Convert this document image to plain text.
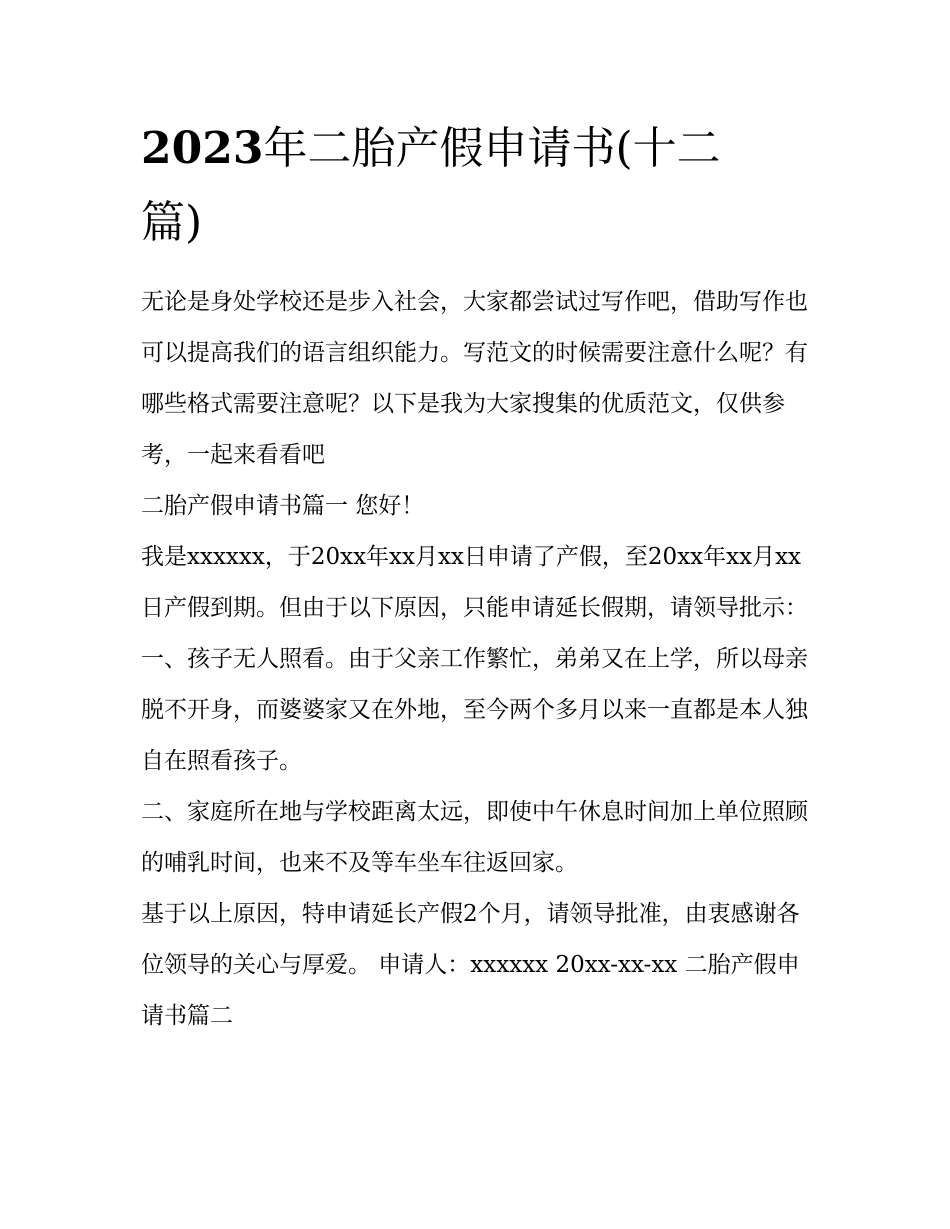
2023年二胎产假申请书(十二篇)

无论是身处学校还是步入社会，大家都尝试过写作吧，借助写作也可以提高我们的语言组织能力。写范文的时候需要注意什么呢？有哪些格式需要注意呢？以下是我为大家搜集的优质范文，仅供参考，一起来看看吧

二胎产假申请书篇一 您好！

我是xxxxxx，于20xx年xx月xx日申请了产假，至20xx年xx月xx日产假到期。但由于以下原因，只能申请延长假期，请领导批示：

一、孩子无人照看。由于父亲工作繁忙，弟弟又在上学，所以母亲脱不开身，而婆婆家又在外地，至今两个多月以来一直都是本人独自在照看孩子。

二、家庭所在地与学校距离太远，即使中午休息时间加上单位照顾的哺乳时间，也来不及等车坐车往返回家。

基于以上原因，特申请延长产假2个月，请领导批准，由衷感谢各位领导的关心与厚爱。 申请人：xxxxxx 20xx-xx-xx 二胎产假申请书篇二
